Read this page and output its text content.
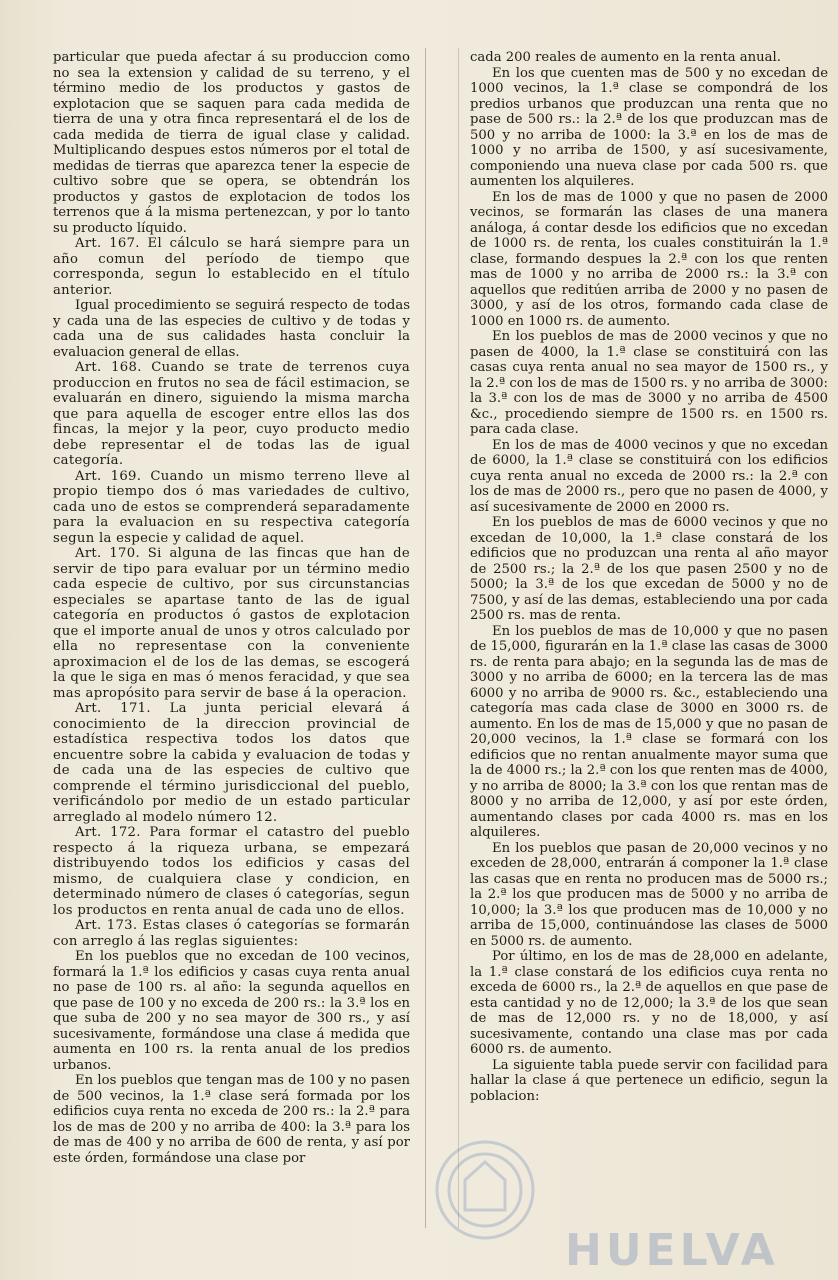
particular que pueda afectar á su produccion como no sea la extension y calidad de su terreno, y el término medio de los productos y gastos de explotacion que se saquen para cada medida de tierra de una y otra finca representará el de los de cada medida de tierra de igual clase y calidad. Multiplicando despues estos números por el total de medidas de tierras que aparezca tener la especie de cultivo sobre que se opera, se obtendrán los productos y gastos de explotacion de todos los terrenos que á la misma pertenezcan, y por lo tanto su producto líquido.

Art. 167. El cálculo se hará siempre para un año comun del período de tiempo que corresponda, segun lo establecido en el título anterior.

Igual procedimiento se seguirá respecto de todas y cada una de las especies de cultivo y de todas y cada una de sus calidades hasta concluir la evaluacion general de ellas.

Art. 168. Cuando se trate de terrenos cuya produccion en frutos no sea de fácil estimacion, se evaluarán en dinero, siguiendo la misma marcha que para aquella de escoger entre ellos las dos fincas, la mejor y la peor, cuyo producto medio debe representar el de todas las de igual categoría.

Art. 169. Cuando un mismo terreno lleve al propio tiempo dos ó mas variedades de cultivo, cada uno de estos se comprenderá separadamente para la evaluacion en su respectiva categoría segun la especie y calidad de aquel.

Art. 170. Si alguna de las fincas que han de servir de tipo para evaluar por un término medio cada especie de cultivo, por sus circunstancias especiales se apartase tanto de las de igual categoría en productos ó gastos de explotacion que el importe anual de unos y otros calculado por ella no representase con la conveniente aproximacion el de los de las demas, se escogerá la que le siga en mas ó menos feracidad, y que sea mas apropósito para servir de base á la operacion.

Art. 171. La junta pericial elevará á conocimiento de la direccion provincial de estadística respectiva todos los datos que encuentre sobre la cabida y evaluacion de todas y de cada una de las especies de cultivo que comprende el término jurisdiccional del pueblo, verificándolo por medio de un estado particular arreglado al modelo número 12.

Art. 172. Para formar el catastro del pueblo respecto á la riqueza urbana, se empezará distribuyendo todos los edificios y casas del mismo, de cualquiera clase y condicion, en determinado número de clases ó categorías, segun los productos en renta anual de cada uno de ellos.

Art. 173. Estas clases ó categorías se formarán con arreglo á las reglas siguientes:

En los pueblos que no excedan de 100 vecinos, formará la 1.ª los edificios y casas cuya renta anual no pase de 100 rs. al año: la segunda aquellos en que pase de 100 y no exceda de 200 rs.: la 3.ª los en que suba de 200 y no sea mayor de 300 rs., y así sucesivamente, formándose una clase á medida que aumenta en 100 rs. la renta anual de los predios urbanos.

En los pueblos que tengan mas de 100 y no pasen de 500 vecinos, la 1.ª clase será formada por los edificios cuya renta no exceda de 200 rs.: la 2.ª para los de mas de 200 y no arriba de 400: la 3.ª para los de mas de 400 y no arriba de 600 de renta, y así por este órden, formándose una clase por

cada 200 reales de aumento en la renta anual.

En los que cuenten mas de 500 y no excedan de 1000 vecinos, la 1.ª clase se compondrá de los predios urbanos que produzcan una renta que no pase de 500 rs.: la 2.ª de los que produzcan mas de 500 y no arriba de 1000: la 3.ª en los de mas de 1000 y no arriba de 1500, y así sucesivamente, componiendo una nueva clase por cada 500 rs. que aumenten los alquileres.

En los de mas de 1000 y que no pasen de 2000 vecinos, se formarán las clases de una manera análoga, á contar desde los edificios que no excedan de 1000 rs. de renta, los cuales constituirán la 1.ª clase, formando despues la 2.ª con los que renten mas de 1000 y no arriba de 2000 rs.: la 3.ª con aquellos que reditúen arriba de 2000 y no pasen de 3000, y así de los otros, formando cada clase de 1000 en 1000 rs. de aumento.

En los pueblos de mas de 2000 vecinos y que no pasen de 4000, la 1.ª clase se constituirá con las casas cuya renta anual no sea mayor de 1500 rs., y la 2.ª con los de mas de 1500 rs. y no arriba de 3000: la 3.ª con los de mas de 3000 y no arriba de 4500 &c., procediendo siempre de 1500 rs. en 1500 rs. para cada clase.

En los de mas de 4000 vecinos y que no excedan de 6000, la 1.ª clase se constituirá con los edificios cuya renta anual no exceda de 2000 rs.: la 2.ª con los de mas de 2000 rs., pero que no pasen de 4000, y así sucesivamente de 2000 en 2000 rs.

En los pueblos de mas de 6000 vecinos y que no excedan de 10,000, la 1.ª clase constará de los edificios que no produzcan una renta al año mayor de 2500 rs.; la 2.ª de los que pasen 2500 y no de 5000; la 3.ª de los que excedan de 5000 y no de 7500, y así de las demas, estableciendo una por cada 2500 rs. mas de renta.

En los pueblos de mas de 10,000 y que no pasen de 15,000, figurarán en la 1.ª clase las casas de 3000 rs. de renta para abajo; en la segunda las de mas de 3000 y no arriba de 6000; en la tercera las de mas 6000 y no arriba de 9000 rs. &c., estableciendo una categoría mas cada clase de 3000 en 3000 rs. de aumento. En los de mas de 15,000 y que no pasan de 20,000 vecinos, la 1.ª clase se formará con los edificios que no rentan anualmente mayor suma que la de 4000 rs.; la 2.ª con los que renten mas de 4000, y no arriba de 8000; la 3.ª con los que rentan mas de 8000 y no arriba de 12,000, y así por este órden, aumentando clases por cada 4000 rs. mas en los alquileres.

En los pueblos que pasan de 20,000 vecinos y no exceden de 28,000, entrarán á componer la 1.ª clase las casas que en renta no producen mas de 5000 rs.; la 2.ª los que producen mas de 5000 y no arriba de 10,000; la 3.ª los que producen mas de 10,000 y no arriba de 15,000, continuándose las clases de 5000 en 5000 rs. de aumento.

Por último, en los de mas de 28,000 en adelante, la 1.ª clase constará de los edificios cuya renta no exceda de 6000 rs., la 2.ª de aquellos en que pase de esta cantidad y no de 12,000; la 3.ª de los que sean de mas de 12,000 rs. y no de 18,000, y así sucesivamente, contando una clase mas por cada 6000 rs. de aumento.

La siguiente tabla puede servir con facilidad para hallar la clase á que pertenece un edificio, segun la poblacion:

HUELVA
